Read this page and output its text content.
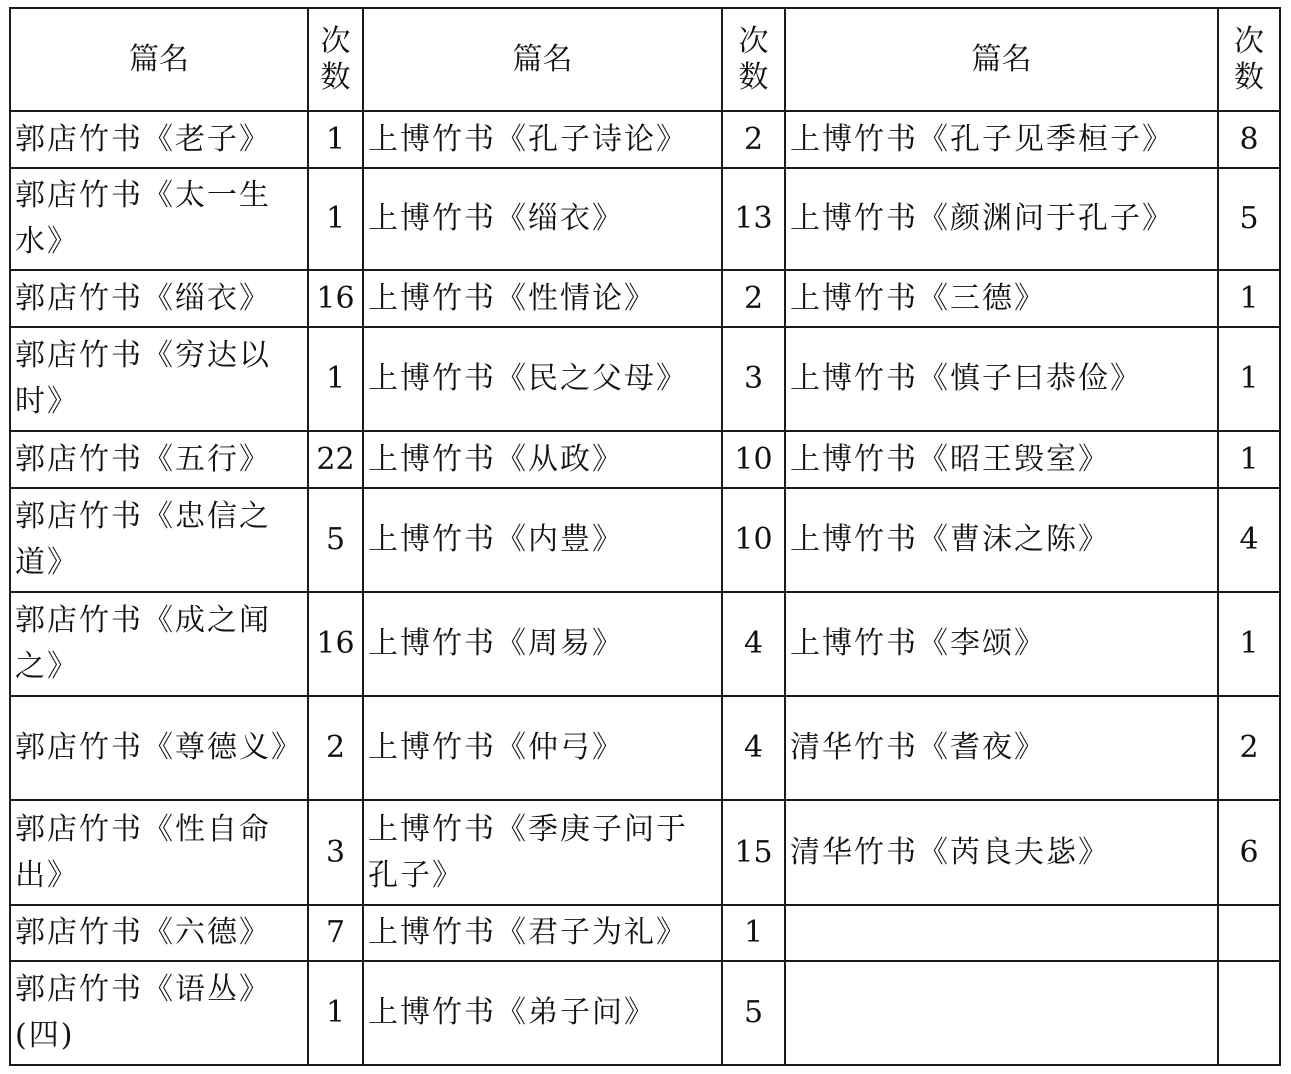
篇名	次数	篇名	次数	篇名	次数
郭店竹书《老子》	1	上博竹书《孔子诗论》	2	上博竹书《孔子见季桓子》	8
郭店竹书《太一生水》	1	上博竹书《缁衣》	13	上博竹书《颜渊问于孔子》	5
郭店竹书《缁衣》	16	上博竹书《性情论》	2	上博竹书《三德》	1
郭店竹书《穷达以时》	1	上博竹书《民之父母》	3	上博竹书《慎子曰恭俭》	1
郭店竹书《五行》	22	上博竹书《从政》	10	上博竹书《昭王毁室》	1
郭店竹书《忠信之道》	5	上博竹书《内豊》	10	上博竹书《曹沫之陈》	4
郭店竹书《成之闻之》	16	上博竹书《周易》	4	上博竹书《李颂》	1
郭店竹书《尊德义》	2	上博竹书《仲弓》	4	清华竹书《耆夜》	2
郭店竹书《性自命出》	3	上博竹书《季庚子问于孔子》	15	清华竹书《芮良夫毖》	6
郭店竹书《六德》	7	上博竹书《君子为礼》	1		
郭店竹书《语丛》(四)	1	上博竹书《弟子问》	5		
